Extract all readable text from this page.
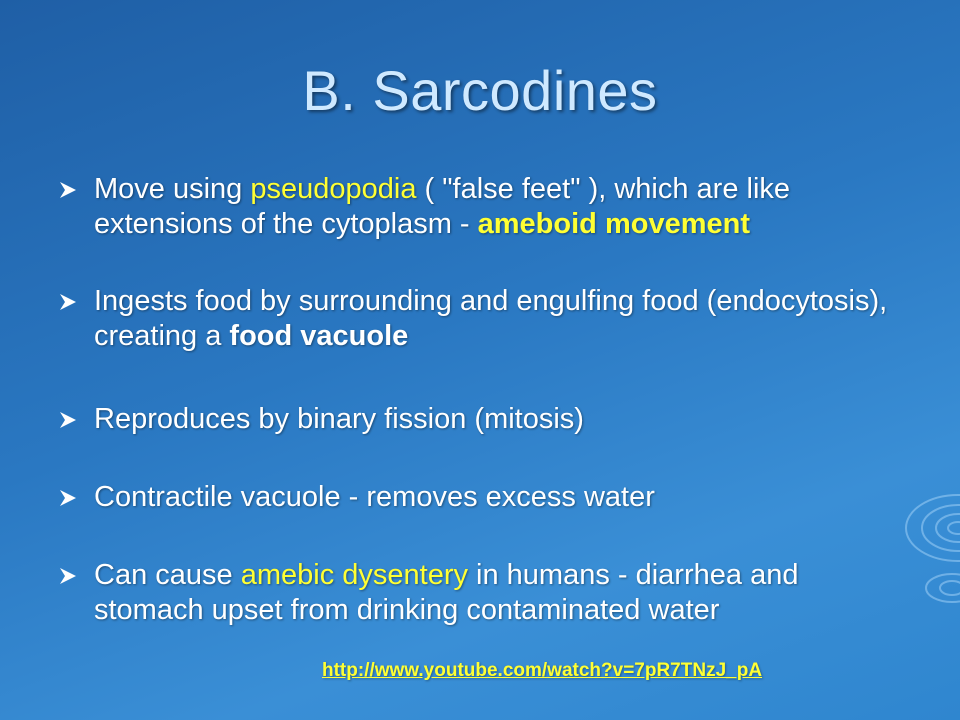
B. Sarcodines
Move using pseudopodia ( "false feet" ), which are like extensions of the cytoplasm - ameboid movement
Ingests food by surrounding and engulfing food (endocytosis), creating a food vacuole
Reproduces by binary fission (mitosis)
Contractile vacuole - removes excess water
Can cause amebic dysentery in humans - diarrhea and stomach upset from drinking contaminated water
http://www.youtube.com/watch?v=7pR7TNzJ_pA
